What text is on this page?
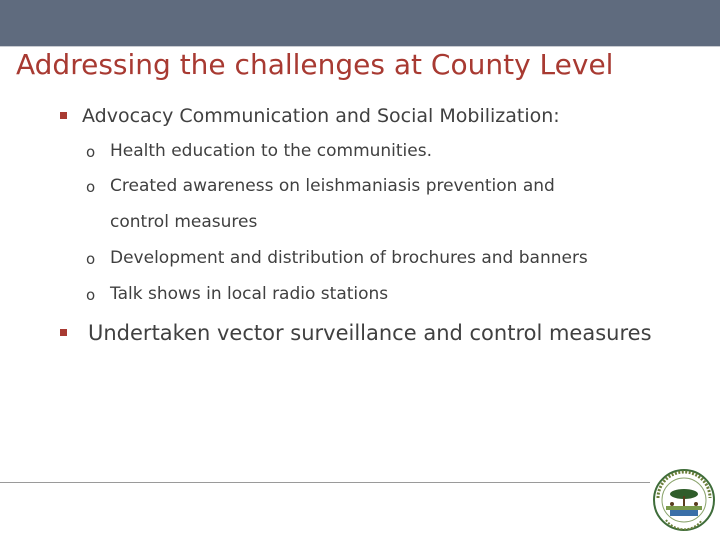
Addressing the challenges at County Level
Advocacy Communication and Social Mobilization:
o Health education to the communities.
o Created awareness on leishmaniasis prevention and
control measures
o Development and distribution of brochures and banners
o Talk shows in local radio stations
Undertaken vector surveillance and control measures
